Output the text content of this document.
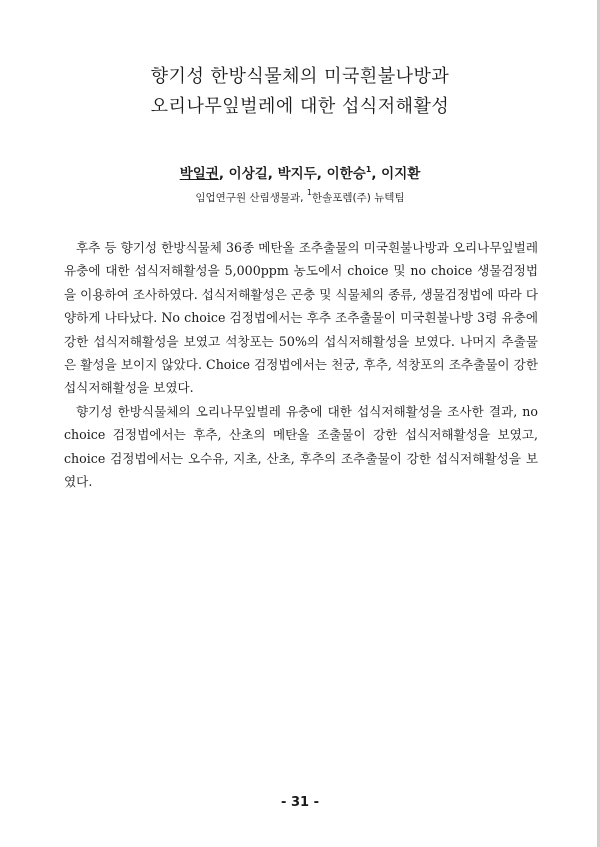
향기성 한방식물체의 미국흰불나방과
오리나무잎벌레에 대한 섭식저해활성
박일권, 이상길, 박지두, 이한승$^1$, 이지환
임업연구원 산림생물과, $^1$한솔포렘(주) 뉴텍팀

후추 등 향기성 한방식물체 36종 메탄올 조추출물의 미국흰불나방과 오리나무잎벌레 유충에 대한 섭식저해활성을 5,000ppm 농도에서 choice 및 no choice 생물검정법을 이용하여 조사하였다. 섭식저해활성은 곤충 및 식물체의 종류, 생물검정법에 따라 다양하게 나타났다. No choice 검정법에서는 후추 조추출물이 미국흰불나방 3령 유충에 강한 섭식저해활성을 보였고 석창포는 50%의 섭식저해활성을 보였다. 나머지 추출물은 활성을 보이지 않았다. Choice 검정법에서는 천궁, 후추, 석창포의 조추출물이 강한 섭식저해활성을 보였다.

향기성 한방식물체의 오리나무잎벌레 유충에 대한 섭식저해활성을 조사한 결과, no choice 검정법에서는 후추, 산초의 메탄올 조출물이 강한 섭식저해활성을 보였고, choice 검정법에서는 오수유, 지초, 산초, 후추의 조추출물이 강한 섭식저해활성을 보였다.

- 31 -
